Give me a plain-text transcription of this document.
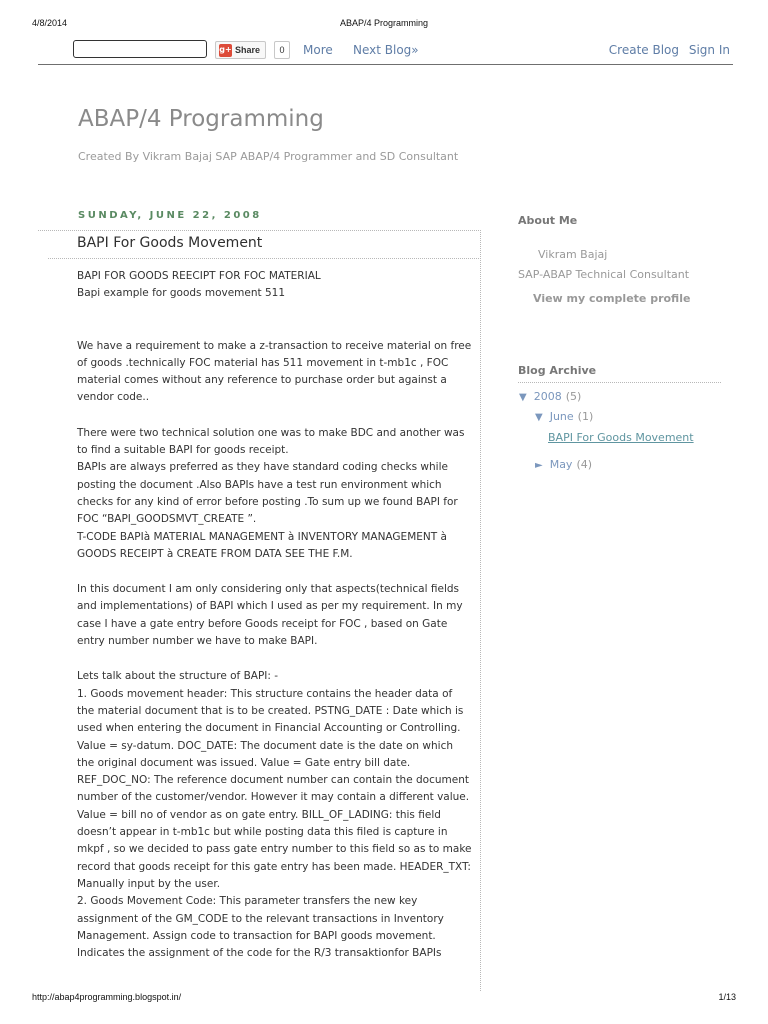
4/8/2014	ABAP/4 Programming
g+ Share	0	More Next Blog»	Create Blog Sign In
ABAP/4 Programming

Created By Vikram Bajaj SAP ABAP/4 Programmer and SD Consultant

SUNDAY, JUNE 22, 2008
BAPI For Goods Movement

BAPI FOR GOODS REECIPT FOR FOC MATERIAL

Bapi example for goods movement 511

We have a requirement to make a z-transaction to receive material on free of goods .technically FOC material has 511 movement in t-mb1c , FOC material comes without any reference to purchase order but against a vendor code..

There were two technical solution one was to make BDC and another was to find a suitable BAPI for goods receipt.

BAPIs are always preferred as they have standard coding checks while posting the document .Also BAPIs have a test run environment which checks for any kind of error before posting .To sum up we found BAPI for FOC “BAPI_GOODSMVT_CREATE ”.

T-CODE BAPIà MATERIAL MANAGEMENT à INVENTORY MANAGEMENT à GOODS RECEIPT à CREATE FROM DATA SEE THE F.M.

In this document I am only considering only that aspects(technical fields and implementations) of BAPI which I used as per my requirement. In my case I have a gate entry before Goods receipt for FOC , based on Gate entry number number we have to make BAPI.

Lets talk about the structure of BAPI: -

1. Goods movement header: This structure contains the header data of the material document that is to be created. PSTNG_DATE : Date which is used when entering the document in Financial Accounting or Controlling. Value = sy-datum. DOC_DATE: The document date is the date on which the original document was issued. Value = Gate entry bill date. REF_DOC_NO: The reference document number can contain the document number of the customer/vendor. However it may contain a different value. Value = bill no of vendor as on gate entry. BILL_OF_LADING: this field doesn’t appear in t-mb1c but while posting data this filed is capture in mkpf , so we decided to pass gate entry number to this field so as to make record that goods receipt for this gate entry has been made. HEADER_TXT: Manually input by the user.

2. Goods Movement Code: This parameter transfers the new key assignment of the GM_CODE to the relevant transactions in Inventory Management. Assign code to transaction for BAPI goods movement. Indicates the assignment of the code for the R/3 transaktionfor BAPIs

About Me
Vikram Bajaj
SAP-ABAP Technical Consultant
View my complete profile
Blog Archive
▼ 2008 (5)
▼ June (1)
BAPI For Goods Movement
► May (4)
http://abap4programming.blogspot.in/	1/13
